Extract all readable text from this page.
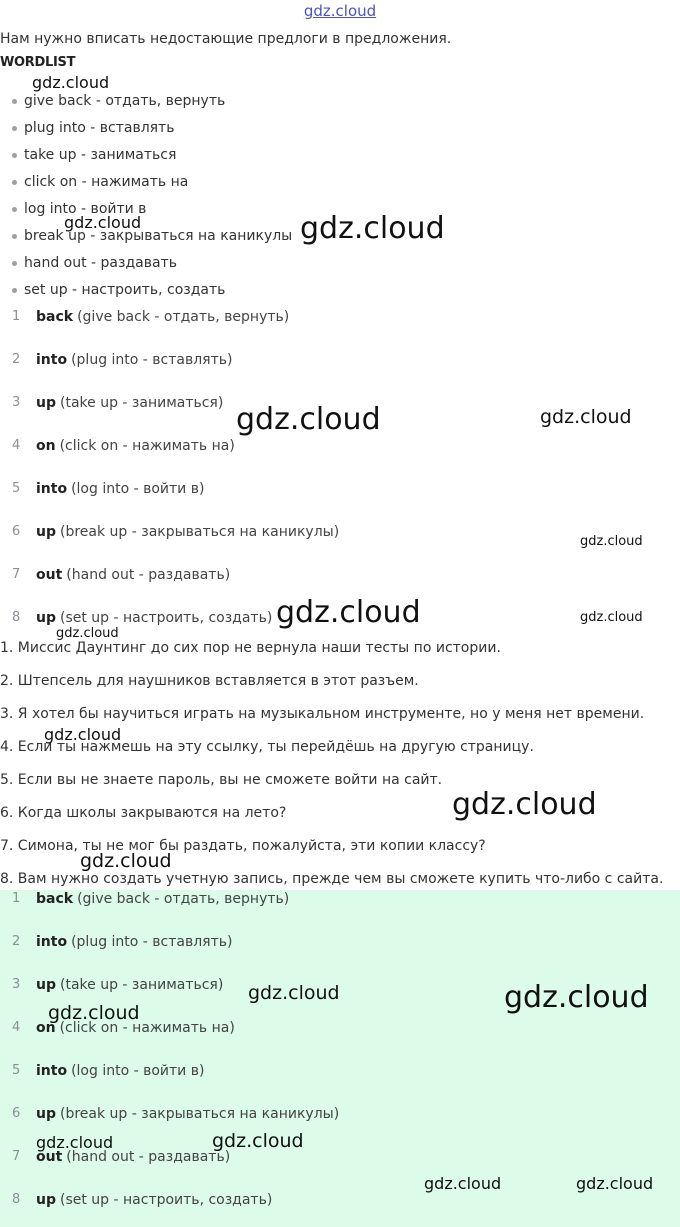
gdz.cloud
Нам нужно вписать недостающие предлоги в предложения.
WORDLIST
give back - отдать, вернуть
plug into - вставлять
take up - заниматься
click on - нажимать на
log into - войти в
break up - закрываться на каникулы
hand out - раздавать
set up - настроить, создать
1	back (give back - отдать, вернуть)
2	into (plug into - вставлять)
3	up (take up - заниматься)
4	on (click on - нажимать на)
5	into (log into - войти в)
6	up (break up - закрываться на каникулы)
7	out (hand out - раздавать)
8	up (set up - настроить, создать)
1. Миссис Даунтинг до сих пор не вернула наши тесты по истории.
2. Штепсель для наушников вставляется в этот разъем.
3. Я хотел бы научиться играть на музыкальном инструменте, но у меня нет времени.
4. Если ты нажмешь на эту ссылку, ты перейдёшь на другую страницу.
5. Если вы не знаете пароль, вы не сможете войти на сайт.
6. Когда школы закрываются на лето?
7. Симона, ты не мог бы раздать, пожалуйста, эти копии классу?
8. Вам нужно создать учетную запись, прежде чем вы сможете купить что-либо с сайта.
1	back (give back - отдать, вернуть)
2	into (plug into - вставлять)
3	up (take up - заниматься)
4	on (click on - нажимать на)
5	into (log into - войти в)
6	up (break up - закрываться на каникулы)
7	out (hand out - раздавать)
8	up (set up - настроить, создать)
gdz.cloud
gdz.cloud	gdz.cloud
gdz.cloud	gdz.cloud
gdz.cloud
gdz.cloud	gdz.cloud
gdz.cloud
gdz.cloud
gdz.cloud
gdz.cloud
gdz.cloud	gdz.cloud
gdz.cloud
gdz.cloud	gdz.cloud
gdz.cloud	gdz.cloud
